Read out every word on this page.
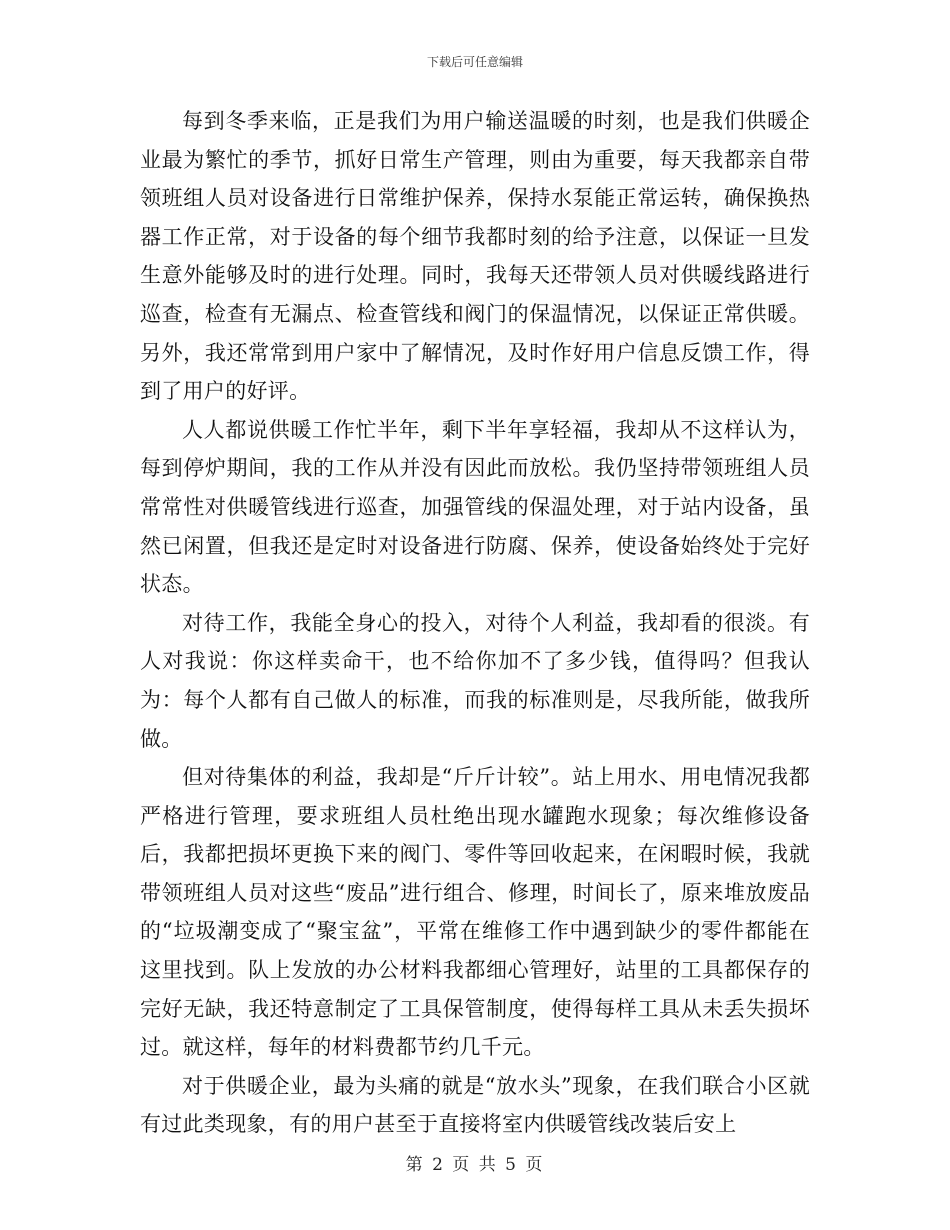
下载后可任意编辑

每到冬季来临，正是我们为用户输送温暖的时刻，也是我们供暖企业最为繁忙的季节，抓好日常生产管理，则由为重要，每天我都亲自带领班组人员对设备进行日常维护保养，保持水泵能正常运转，确保换热器工作正常，对于设备的每个细节我都时刻的给予注意，以保证一旦发生意外能够及时的进行处理。同时，我每天还带领人员对供暖线路进行巡查，检查有无漏点、检查管线和阀门的保温情况，以保证正常供暖。另外，我还常常到用户家中了解情况，及时作好用户信息反馈工作，得到了用户的好评。

人人都说供暖工作忙半年，剩下半年享轻福，我却从不这样认为，每到停炉期间，我的工作从并没有因此而放松。我仍坚持带领班组人员常常性对供暖管线进行巡查，加强管线的保温处理，对于站内设备，虽然已闲置，但我还是定时对设备进行防腐、保养，使设备始终处于完好状态。

对待工作，我能全身心的投入，对待个人利益，我却看的很淡。有人对我说：你这样卖命干，也不给你加不了多少钱，值得吗？但我认为：每个人都有自己做人的标准，而我的标准则是，尽我所能，做我所做。

但对待集体的利益，我却是“斤斤计较”。站上用水、用电情况我都严格进行管理，要求班组人员杜绝出现水罐跑水现象；每次维修设备后，我都把损坏更换下来的阀门、零件等回收起来，在闲暇时候，我就带领班组人员对这些“废品”进行组合、修理，时间长了，原来堆放废品的“垃圾潮变成了“聚宝盆”，平常在维修工作中遇到缺少的零件都能在这里找到。队上发放的办公材料我都细心管理好，站里的工具都保存的完好无缺，我还特意制定了工具保管制度，使得每样工具从未丢失损坏过。就这样，每年的材料费都节约几千元。

对于供暖企业，最为头痛的就是“放水头”现象，在我们联合小区就有过此类现象，有的用户甚至于直接将室内供暖管线改装后安上

第 2 页 共 5 页
